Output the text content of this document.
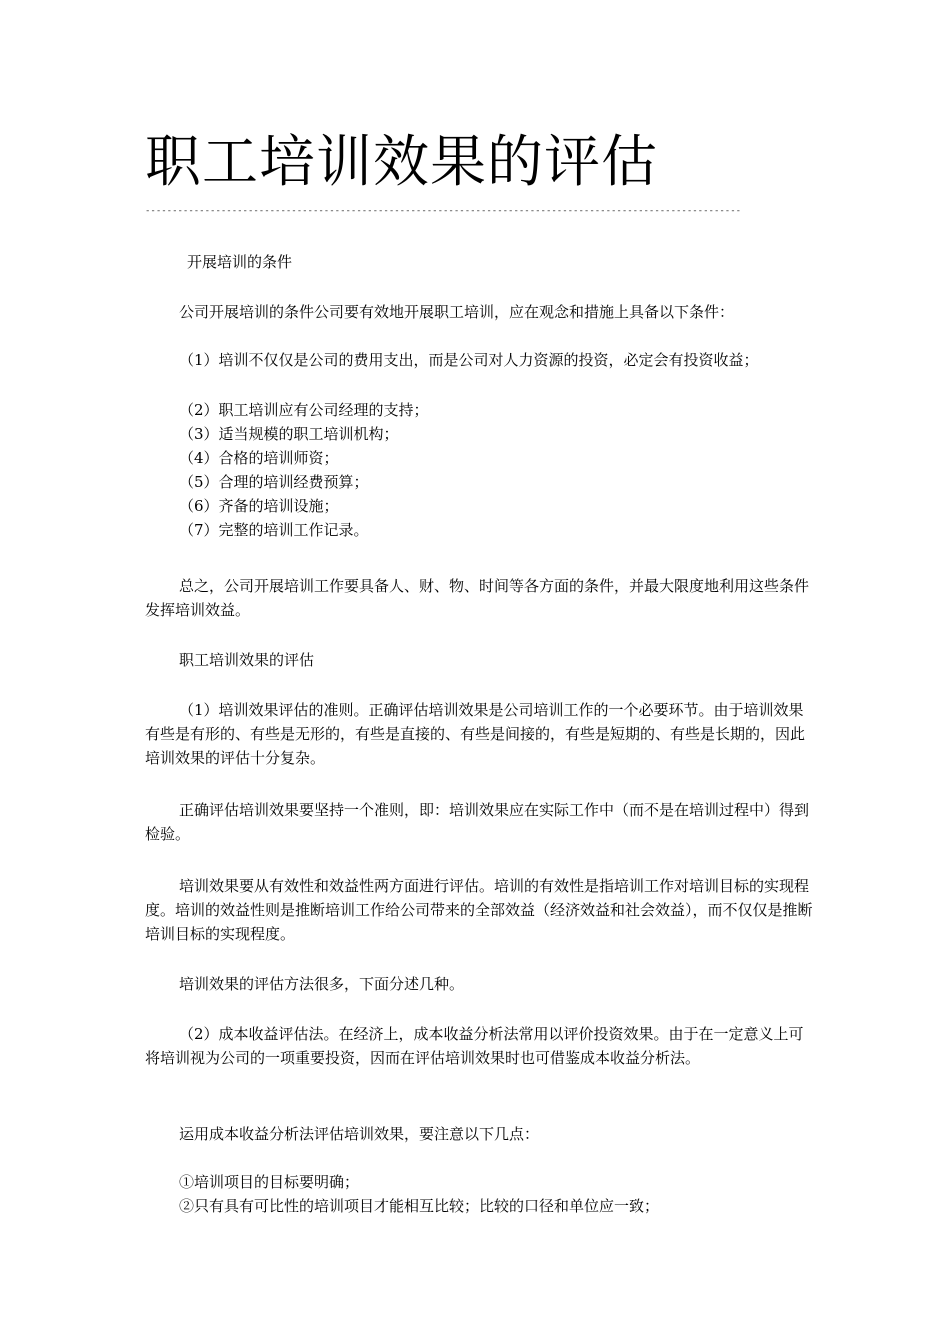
职工培训效果的评估
--------------------------------------------------------------------------------------------------------------

开展培训的条件

公司开展培训的条件公司要有效地开展职工培训，应在观念和措施上具备以下条件：

（1）培训不仅仅是公司的费用支出，而是公司对人力资源的投资，必定会有投资收益；
（2）职工培训应有公司经理的支持；
（3）适当规模的职工培训机构；
（4）合格的培训师资；
（5）合理的培训经费预算；
（6）齐备的培训设施；
（7）完整的培训工作记录。

总之，公司开展培训工作要具备人、财、物、时间等各方面的条件，并最大限度地利用这些条件发挥培训效益。

职工培训效果的评估

（1）培训效果评估的准则。正确评估培训效果是公司培训工作的一个必要环节。由于培训效果有些是有形的、有些是无形的，有些是直接的、有些是间接的，有些是短期的、有些是长期的，因此培训效果的评估十分复杂。

正确评估培训效果要坚持一个准则，即：培训效果应在实际工作中（而不是在培训过程中）得到检验。

培训效果要从有效性和效益性两方面进行评估。培训的有效性是指培训工作对培训目标的实现程度。培训的效益性则是推断培训工作给公司带来的全部效益（经济效益和社会效益），而不仅仅是推断培训目标的实现程度。

培训效果的评估方法很多，下面分述几种。

（2）成本收益评估法。在经济上，成本收益分析法常用以评价投资效果。由于在一定意义上可将培训视为公司的一项重要投资，因而在评估培训效果时也可借鉴成本收益分析法。

运用成本收益分析法评估培训效果，要注意以下几点：

①培训项目的目标要明确；
②只有具有可比性的培训项目才能相互比较；比较的口径和单位应一致；
